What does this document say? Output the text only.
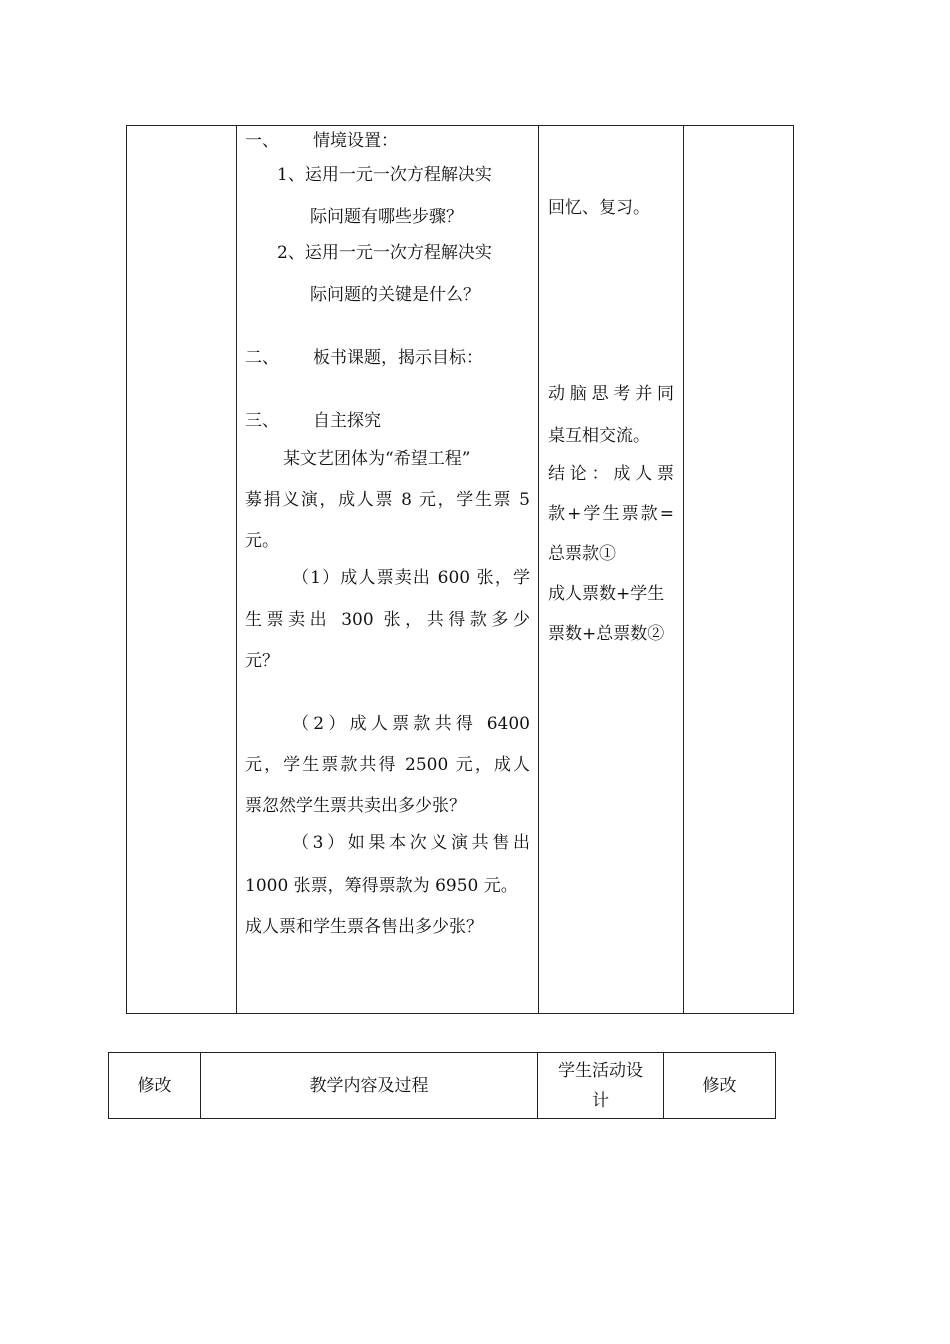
一、 情境设置：
1、运用一元一次方程解决实
际问题有哪些步骤？
2、运用一元一次方程解决实
际问题的关键是什么？
二、 板书课题，揭示目标：
三、 自主探究
某文艺团体为“希望工程”
募捐义演，成人票 8 元，学生票 5
元。
（1）成人票卖出 600 张，学
生票卖出 300 张，共得款多少
元？
（2）成人票款共得 6400
元，学生票款共得 2500 元，成人
票忽然学生票共卖出多少张？
（3）如果本次义演共售出
1000 张票，筹得票款为 6950 元。
成人票和学生票各售出多少张？
回忆、复习。
动脑思考并同
桌互相交流。
结论：成人票
款+学生票款=
总票款①
成人票数+学生
票数+总票数②
修改	教学内容及过程
学生活动设
计
修改
